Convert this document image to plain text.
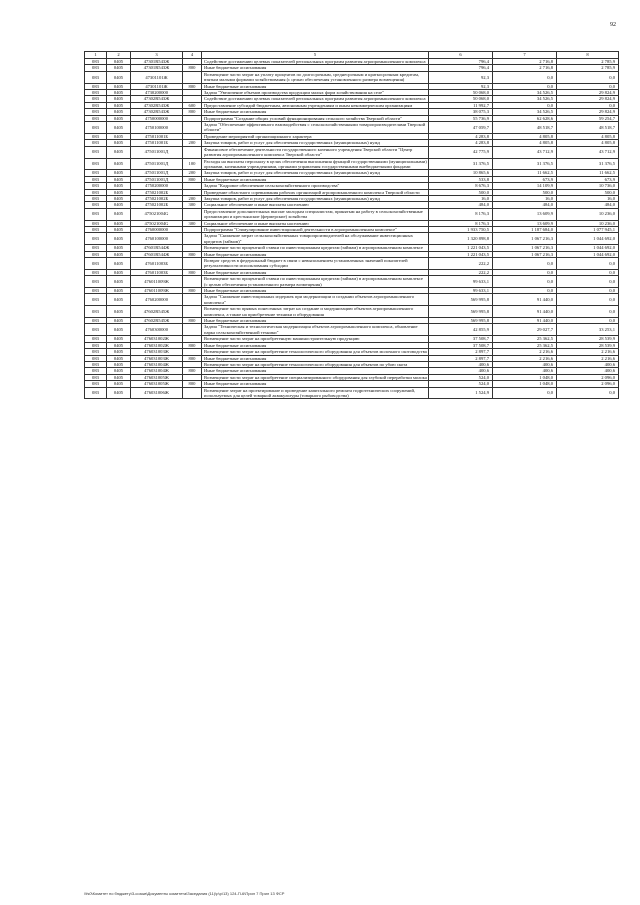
92
1	2	3	4	5	6	7	8
083	0405	47301R543Ж		Содействие достижению целевых показателей региональных программ развития агропромышленного комплекса	796,4	2 716,8	2 785,9
083	0405	47301R543Ж	800	Иные бюджетные ассигнования	796,4	2 716,8	2 785,9
083	0405	47301101Ж		Возмещение части затрат на уплату процентов по долгосрочным, среднесрочным и краткосрочным кредитам, взятым малыми формами хозяйствования (с целью обеспечения установленного размера возмещения)	92,3	0,0	0,0
083	0405	47301101Ж	800	Иные бюджетные ассигнования	92,3	0,0	0,0
083	0405	4730200000		Задача "Увеличение объемов производства продукции малых форм хозяйствования на селе"	50 068,0	34 526,5	29 824,9
083	0405	47302R543Ж		Содействие достижению целевых показателей региональных программ развития агропромышленного комплекса	50 068,0	34 526,5	29 824,9
083	0405	47302R543Ж	600	Предоставление субсидий бюджетным, автономным учреждениям и иным некоммерческим организациям	11 992,7	0,0	0,0
083	0405	47302R543Ж	800	Иные бюджетные ассигнования	38 075,3	34 526,5	29 824,9
083	0405	4750000000		Подпрограмма "Создание общих условий функционирования сельского хозяйства Тверской области"	55 736,9	62 628,6	59 254,7
083	0405	4750100000		Задача "Обеспечение эффективного взаимодействия с сельскохозяйственными товаропроизводителями Тверской области"	47 059,7	48 518,7	48 518,7
083	0405	475011001Б		Проведение мероприятий организационного характера	4 283,8	4 805,8	4 805,8
083	0405	475011001Б	200	Закупка товаров, работ и услуг для обеспечения государственных (муниципальных) нужд	4 283,8	4 805,8	4 805,8
083	0405	475011001Д		Финансовое обеспечение деятельности государственного казенного учреждения Тверской области "Центр развития агропромышленного комплекса Тверской области"	42 775,9	43 712,9	43 712,9
083	0405	475011001Д	100	Расходы на выплаты персоналу в целях обеспечения выполнения функций государственными (муниципальными) органами, казенными учреждениями, органами управления государственными внебюджетными фондами	31 376,5	31 376,5	31 376,5
083	0405	475011001Д	200	Закупка товаров, работ и услуг для обеспечения государственных (муниципальных) нужд	10 865,6	11 662,5	11 662,5
083	0405	475011001Д	800	Иные бюджетные ассигнования	533,8	673,9	673,9
083	0405	4750200000		Задача "Кадровое обеспечение сельскохозяйственного производства"	8 676,3	14 109,9	10 736,0
083	0405	475021002Б		Проведение областного соревнования рабочих организаций агропромышленного комплекса Тверской области	500,0	500,0	500,0
083	0405	475021002Б	200	Закупка товаров, работ и услуг для обеспечения государственных (муниципальных) нужд	16,0	16,0	16,0
083	0405	475021002Б	300	Социальное обеспечение и иные выплаты населению	484,0	484,0	484,0
083	0405	475021004G		Предоставление дополнительных выплат молодым специалистам, принятым на работу в сельскохозяйственные организации и крестьянские (фермерские) хозяйства	8 176,3	13 609,9	10 236,0
083	0405	475021004G	300	Социальное обеспечение и иные выплаты населению	8 176,3	13 609,9	10 236,0
083	0405	4760000000		Подпрограмма "Стимулирование инвестиционной деятельности в агропромышленном комплексе"	1 933 750,5	1 187 684,0	1 077 945,1
083	0405	4760100000		Задача "Снижение затрат сельскохозяйственных товаропроизводителей на обслуживание инвестиционных кредитов (займов)"	1 320 898,8	1 067 216,3	1 044 692,0
083	0405	47601R544Ж		Возмещение части процентной ставки по инвестиционным кредитам (займам) в агропромышленном комплексе	1 221 043,5	1 067 216,3	1 044 692,0
083	0405	47601R544Ж	800	Иные бюджетные ассигнования	1 221 043,5	1 067 216,3	1 044 692,0
083	0405	476011003Б		Возврат средств в федеральный бюджет в связи с невыполнением установленных значений показателей результативности использования субсидии	222,2	0,0	0,0
083	0405	476011003Б	800	Иные бюджетные ассигнования	222,2	0,0	0,0
083	0405	476011009Ж		Возмещение части процентной ставки по инвестиционным кредитам (займам) в агропромышленном комплексе (с целью обеспечения установленного размера возмещения)	99 633,1	0,0	0,0
083	0405	476011009Ж	800	Иные бюджетные ассигнования	99 633,1	0,0	0,0
083	0405	4760200000		Задача "Снижение инвестиционных издержек при модернизации и создании объектов агропромышленного комплекса"	569 995,8	91 440,0	0,0
083	0405	47602R545Ж		Возмещение части прямых понесенных затрат на создание и модернизацию объектов агропромышленного комплекса, а также на приобретение техники и оборудования	569 995,8	91 440,0	0,0
083	0405	47602R545Ж	800	Иные бюджетные ассигнования	569 995,8	91 440,0	0,0
083	0405	4760300000		Задача "Техническая и технологическая модернизация объектов агропромышленного комплекса, обновление парка сельскохозяйственной техники"	42 855,9	29 027,7	33 253,1
083	0405	476031002Ж		Возмещение части затрат на приобретенную машиностроительную продукцию	37 508,7	25 362,5	28 539,9
083	0405	476031002Ж	800	Иные бюджетные ассигнования	37 508,7	25 362,5	28 539,9
083	0405	476031003Ж		Возмещение части затрат на приобретение технологического оборудования для объектов молочного скотоводства	2 897,7	2 216,6	2 216,6
083	0405	476031003Ж	800	Иные бюджетные ассигнования	2 897,7	2 216,6	2 216,6
083	0405	476031004Ж		Возмещение части затрат на приобретение технологического оборудования для объектов по убою скота	400,6	400,6	400,6
083	0405	476031004Ж	800	Иные бюджетные ассигнования	400,6	400,6	400,6
083	0405	476031005Ж		Возмещение части затрат на приобретение специализированного оборудования для глубокой переработки молока	524,0	1 048,0	2 096,0
083	0405	476031005Ж	800	Иные бюджетные ассигнования	524,0	1 048,0	2 096,0
083	0405	476031006Ж		Возмещение затрат на проектирование и проведение капитального ремонта гидротехнических сооружений, используемых для целей товарной аквакультуры (товарного рыбоводства)	1 524,9	0,0	0,0
\\fs0\Комитет по бюджету\3-созыв\Документы комитета\Заседания (11)\p\p\13) 124-П-6\Прил 7 Прил 13 ФСР
